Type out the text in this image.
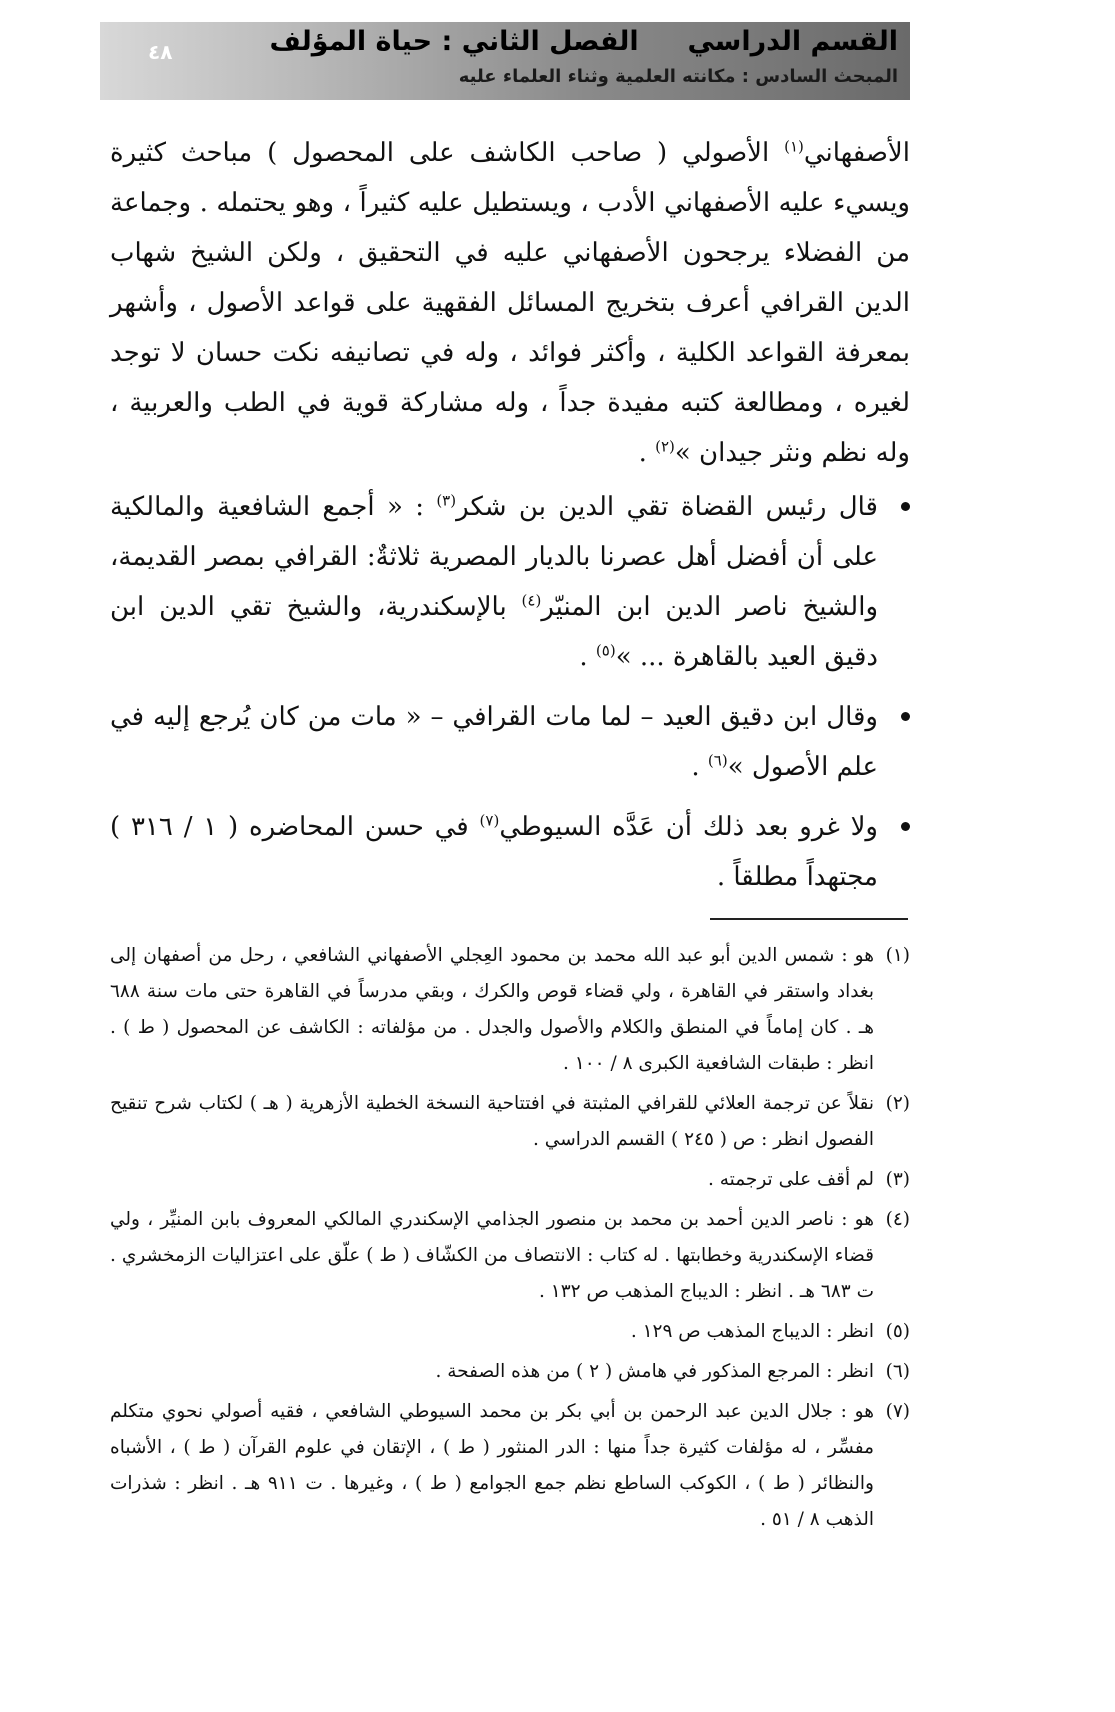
القسم الدراسي  الفصل الثاني : حياة المؤلف
المبحث السادس : مكانته العلمية وثناء العلماء عليه
٤٨

الأصفهاني$^{(١)}$ الأصولي ( صاحب الكاشف على المحصول ) مباحث كثيرة ويسيء عليه الأصفهاني الأدب ، ويستطيل عليه كثيراً ، وهو يحتمله . وجماعة من الفضلاء يرجحون الأصفهاني عليه في التحقيق ، ولكن الشيخ شهاب الدين القرافي أعرف بتخريج المسائل الفقهية على قواعد الأصول ، وأشهر بمعرفة القواعد الكلية ، وأكثر فوائد ، وله في تصانيفه نكت حسان لا توجد لغيره ، ومطالعة كتبه مفيدة جداً ، وله مشاركة قوية في الطب والعربية ، وله نظم ونثر جيدان »$^{(٢)}$ .

قال رئيس القضاة تقي الدين بن شكر$^{(٣)}$ : « أجمع الشافعية والمالكية على أن أفضل أهل عصرنا بالديار المصرية ثلاثةٌ: القرافي بمصر القديمة، والشيخ ناصر الدين ابن المنيّر$^{(٤)}$ بالإسكندرية، والشيخ تقي الدين ابن دقيق العيد بالقاهرة ... »$^{(٥)}$ .

وقال ابن دقيق العيد – لما مات القرافي – « مات من كان يُرجع إليه في علم الأصول »$^{(٦)}$ .

ولا غرو بعد ذلك أن عَدَّه السيوطي$^{(٧)}$ في حسن المحاضره ( ١ / ٣١٦ ) مجتهداً مطلقاً .

(١)
هو : شمس الدين أبو عبد الله محمد بن محمود العِجلي الأصفهاني الشافعي ، رحل من أصفهان إلى بغداد واستقر في القاهرة ، ولي قضاء قوص والكرك ، وبقي مدرساً في القاهرة حتى مات سنة ٦٨٨ هـ . كان إماماً في المنطق والكلام والأصول والجدل . من مؤلفاته : الكاشف عن المحصول ( ط ) . انظر : طبقات الشافعية الكبرى ٨ / ١٠٠ .

(٢)
نقلاً عن ترجمة العلائي للقرافي المثبتة في افتتاحية النسخة الخطية الأزهرية ( هـ ) لكتاب شرح تنقيح الفصول انظر : ص ( ٢٤٥ ) القسم الدراسي .

(٣)
لم أقف على ترجمته .

(٤)
هو : ناصر الدين أحمد بن محمد بن منصور الجذامي الإسكندري المالكي المعروف بابن المنيِّر ، ولي قضاء الإسكندرية وخطابتها . له كتاب : الانتصاف من الكشّاف ( ط ) علّق على اعتزاليات الزمخشري . ت ٦٨٣ هـ . انظر : الديباج المذهب ص ١٣٢ .

(٥)
انظر : الديباج المذهب ص ١٢٩ .

(٦)
انظر : المرجع المذكور في هامش ( ٢ ) من هذه الصفحة .

(٧)
هو : جلال الدين عبد الرحمن بن أبي بكر بن محمد السيوطي الشافعي ، فقيه أصولي نحوي متكلم مفسِّر ، له مؤلفات كثيرة جداً منها : الدر المنثور ( ط ) ، الإتقان في علوم القرآن ( ط ) ، الأشباه والنظائر ( ط ) ، الكوكب الساطع نظم جمع الجوامع ( ط ) ، وغيرها . ت ٩١١ هـ . انظر : شذرات الذهب ٨ / ٥١ .
